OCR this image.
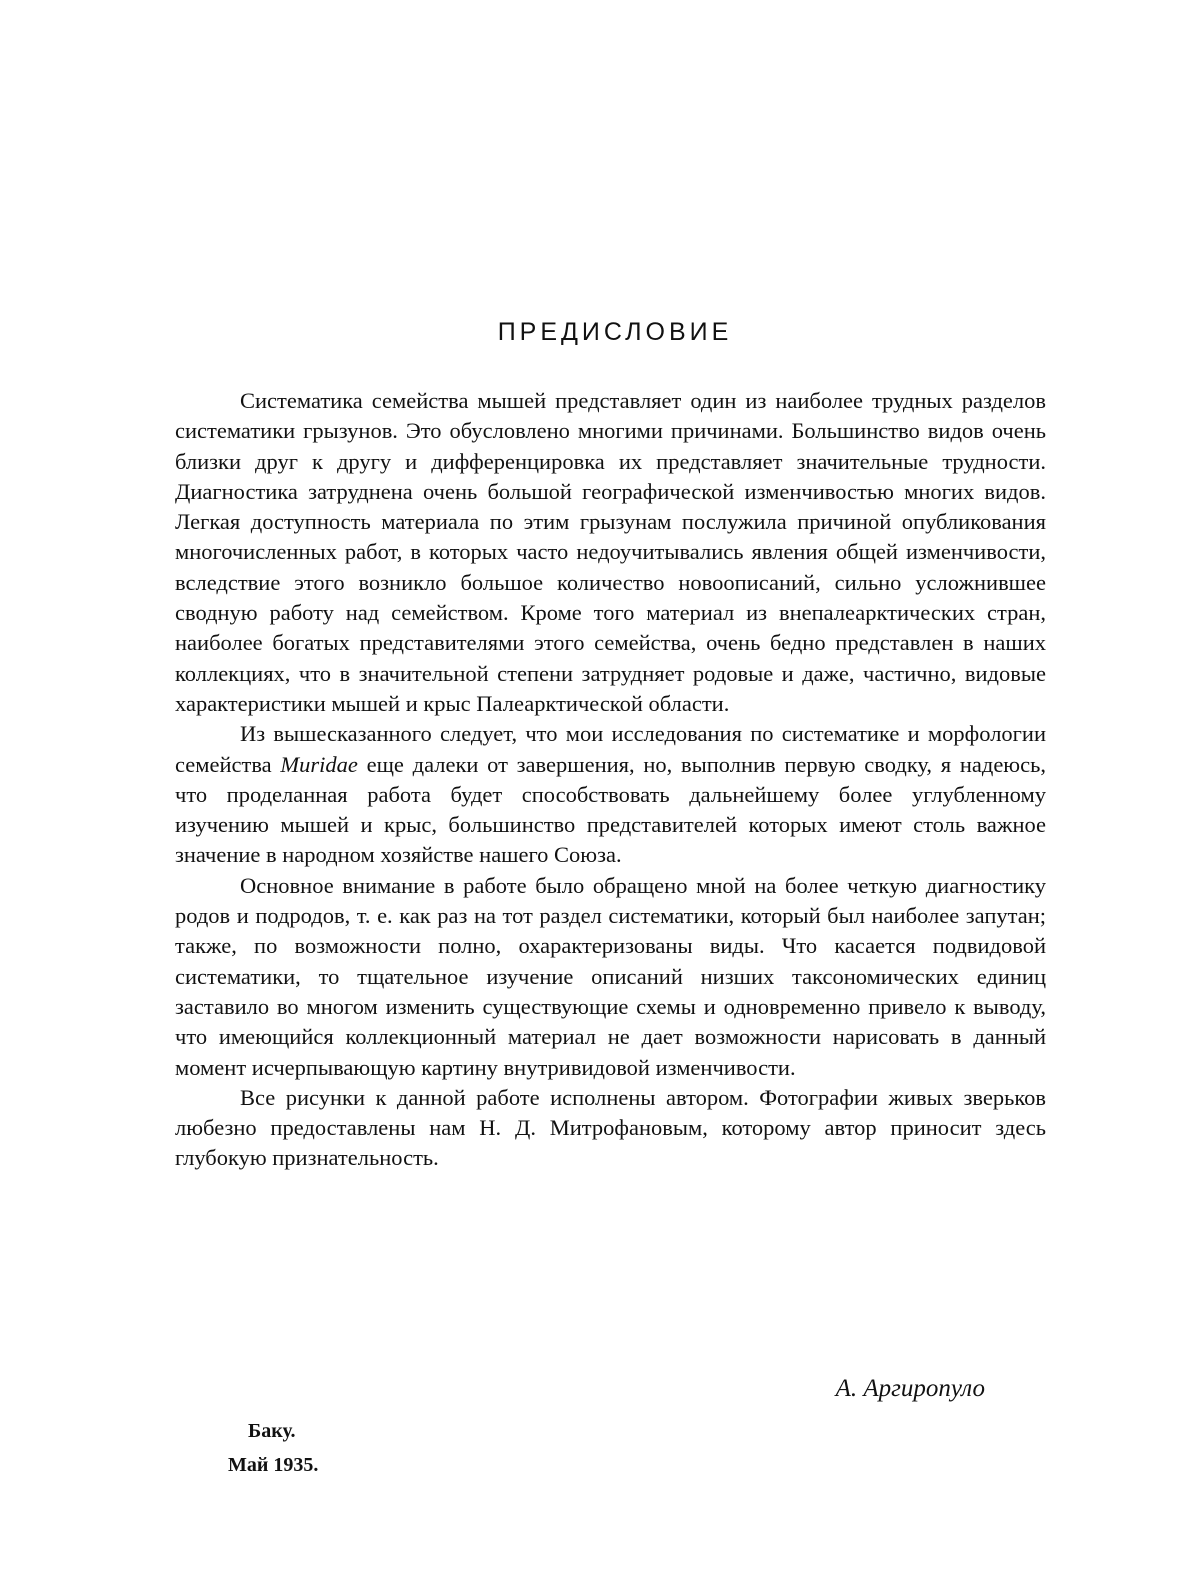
ПРЕДИСЛОВИЕ

Систематика семейства мышей представляет один из наиболее трудных разделов систематики грызунов. Это обусловлено многими причинами. Большинство видов очень близки друг к другу и дифференцировка их представляет значительные трудности. Диагностика затруднена очень большой географической изменчивостью многих видов. Легкая доступность материала по этим грызунам послужила причиной опубликования многочисленных работ, в которых часто недоучитывались явления общей изменчивости, вследствие этого возникло большое количество новоописаний, сильно усложнившее сводную работу над семейством. Кроме того материал из внепалеарктических стран, наиболее богатых представителями этого семейства, очень бедно представлен в наших коллекциях, что в значительной степени затрудняет родовые и даже, частично, видовые характеристики мышей и крыс Палеарктической области.

Из вышесказанного следует, что мои исследования по систематике и морфологии семейства Muridae еще далеки от завершения, но, выполнив первую сводку, я надеюсь, что проделанная работа будет способствовать дальнейшему более углубленному изучению мышей и крыс, большинство представителей которых имеют столь важное значение в народном хозяйстве нашего Союза.

Основное внимание в работе было обращено мной на более четкую диагностику родов и подродов, т. е. как раз на тот раздел систематики, который был наиболее запутан; также, по возможности полно, охарактеризованы виды. Что касается подвидовой систематики, то тщательное изучение описаний низших таксономических единиц заставило во многом изменить существующие схемы и одновременно привело к выводу, что имеющийся коллекционный материал не дает возможности нарисовать в данный момент исчерпывающую картину внутривидовой изменчивости.

Все рисунки к данной работе исполнены автором. Фотографии живых зверьков любезно предоставлены нам Н. Д. Митрофановым, которому автор приносит здесь глубокую признательность.

А. Аргиропуло
Баку.
Май 1935.
